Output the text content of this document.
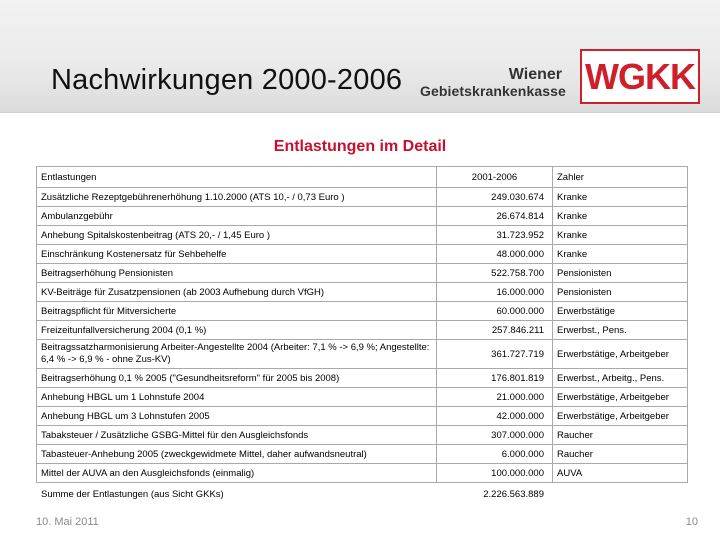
Nachwirkungen 2000-2006	Wiener
Gebietskrankenkasse WGKK
Entlastungen im Detail
Entlastungen	2001-2006	Zahler
Zusätzliche Rezeptgebührenerhöhung 1.10.2000 (ATS 10,- / 0,73 Euro )	249.030.674	Kranke
Ambulanzgebühr	26.674.814	Kranke
Anhebung Spitalskostenbeitrag (ATS 20,- / 1,45 Euro )	31.723.952	Kranke
Einschränkung Kostenersatz für Sehbehelfe	48.000.000	Kranke
Beitragserhöhung Pensionisten	522.758.700	Pensionisten
KV-Beiträge für Zusatzpensionen (ab 2003 Aufhebung durch VfGH)	16.000.000	Pensionisten
Beitragspflicht für Mitversicherte	60.000.000	Erwerbstätige
Freizeitunfallversicherung 2004 (0,1 %)	257.846.211	Erwerbst., Pens.
Beitragssatzharmonisierung Arbeiter-Angestellte 2004 (Arbeiter: 7,1 % -> 6,9 %; Angestellte: 6,4 % -> 6,9 % - ohne Zus-KV)	361.727.719	Erwerbstätige, Arbeitgeber
Beitragserhöhung 0,1 % 2005 ("Gesundheitsreform" für 2005 bis 2008)	176.801.819	Erwerbst., Arbeitg., Pens.
Anhebung HBGL um 1 Lohnstufe 2004	21.000.000	Erwerbstätige, Arbeitgeber
Anhebung HBGL um 3 Lohnstufen 2005	42.000.000	Erwerbstätige, Arbeitgeber
Tabaksteuer / Zusätzliche GSBG-Mittel für den Ausgleichsfonds	307.000.000	Raucher
Tabasteuer-Anhebung 2005 (zweckgewidmete Mittel, daher aufwandsneutral)	6.000.000	Raucher
Mittel der AUVA an den Ausgleichsfonds (einmalig)	100.000.000	AUVA
Summe der Entlastungen (aus Sicht GKKs)	2.226.563.889	
10. Mai 2011	10
